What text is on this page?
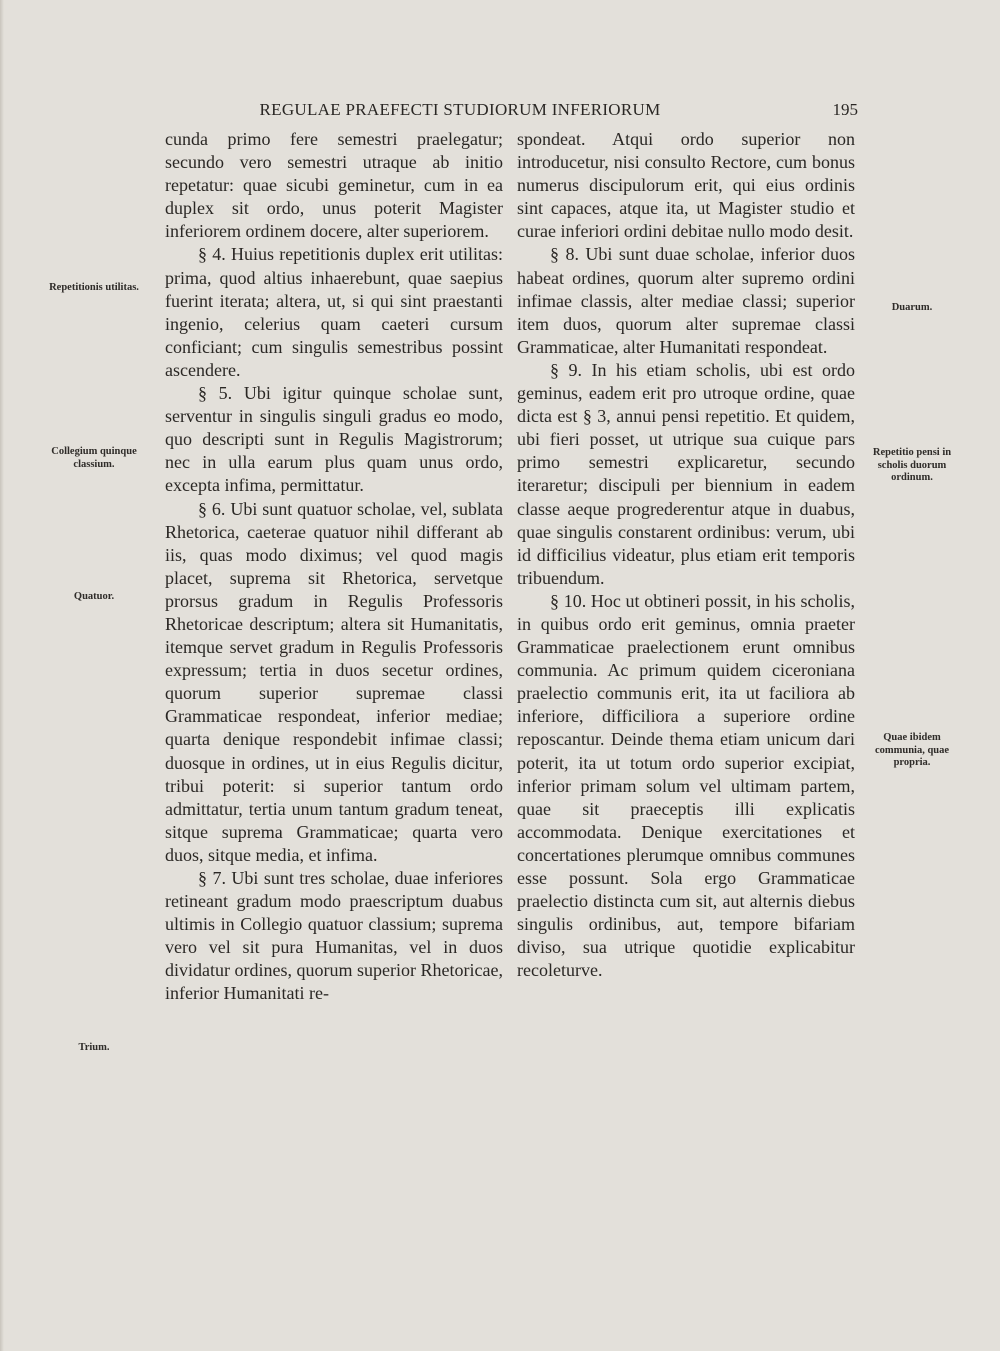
REGULAE PRAEFECTI STUDIORUM INFERIORUM	195
Repetitionis utilitas.
Collegium quinque classium.
Quatuor.
Trium.
Duarum.
Repetitio pensi in scholis duorum ordinum.
Quae ibidem communia, quae propria.

cunda primo fere semestri praelegatur; secundo vero semestri utraque ab initio repetatur: quae sicubi geminetur, cum in ea duplex sit ordo, unus poterit Magister inferiorem ordinem docere, alter superiorem.

§ 4. Huius repetitionis duplex erit utilitas: prima, quod altius inhaerebunt, quae saepius fuerint iterata; altera, ut, si qui sint praestanti ingenio, celerius quam caeteri cursum conficiant; cum singulis semestribus possint ascendere.

§ 5. Ubi igitur quinque scholae sunt, serventur in singulis singuli gradus eo modo, quo descripti sunt in Regulis Magistrorum; nec in ulla earum plus quam unus ordo, excepta infima, permittatur.

§ 6. Ubi sunt quatuor scholae, vel, sublata Rhetorica, caeterae quatuor nihil differant ab iis, quas modo diximus; vel quod magis placet, suprema sit Rhetorica, servetque prorsus gradum in Regulis Professoris Rhetoricae descriptum; altera sit Humanitatis, itemque servet gradum in Regulis Professoris expressum; tertia in duos secetur ordines, quorum superior supremae classi Grammaticae respondeat, inferior mediae; quarta denique respondebit infimae classi; duosque in ordines, ut in eius Regulis dicitur, tribui poterit: si superior tantum ordo admittatur, tertia unum tantum gradum teneat, sitque suprema Grammaticae; quarta vero duos, sitque media, et infima.

§ 7. Ubi sunt tres scholae, duae inferiores retineant gradum modo praescriptum duabus ultimis in Collegio quatuor classium; suprema vero vel sit pura Humanitas, vel in duos dividatur ordines, quorum superior Rhetoricae, inferior Humanitati re-

spondeat. Atqui ordo superior non introducetur, nisi consulto Rectore, cum bonus numerus discipulorum erit, qui eius ordinis sint capaces, atque ita, ut Magister studio et curae inferiori ordini debitae nullo modo desit.

§ 8. Ubi sunt duae scholae, inferior duos habeat ordines, quorum alter supremo ordini infimae classis, alter mediae classi; superior item duos, quorum alter supremae classi Grammaticae, alter Humanitati respondeat.

§ 9. In his etiam scholis, ubi est ordo geminus, eadem erit pro utroque ordine, quae dicta est § 3, annui pensi repetitio. Et quidem, ubi fieri posset, ut utrique sua cuique pars primo semestri explicaretur, secundo iteraretur; discipuli per biennium in eadem classe aeque progrederentur atque in duabus, quae singulis constarent ordinibus: verum, ubi id difficilius videatur, plus etiam erit temporis tribuendum.

§ 10. Hoc ut obtineri possit, in his scholis, in quibus ordo erit geminus, omnia praeter Grammaticae praelectionem erunt omnibus communia. Ac primum quidem ciceroniana praelectio communis erit, ita ut faciliora ab inferiore, difficiliora a superiore ordine reposcantur. Deinde thema etiam unicum dari poterit, ita ut totum ordo superior excipiat, inferior primam solum vel ultimam partem, quae sit praeceptis illi explicatis accommodata. Denique exercitationes et concertationes plerumque omnibus communes esse possunt. Sola ergo Grammaticae praelectio distincta cum sit, aut alternis diebus singulis ordinibus, aut, tempore bifariam diviso, sua utrique quotidie explicabitur recoleturve.
